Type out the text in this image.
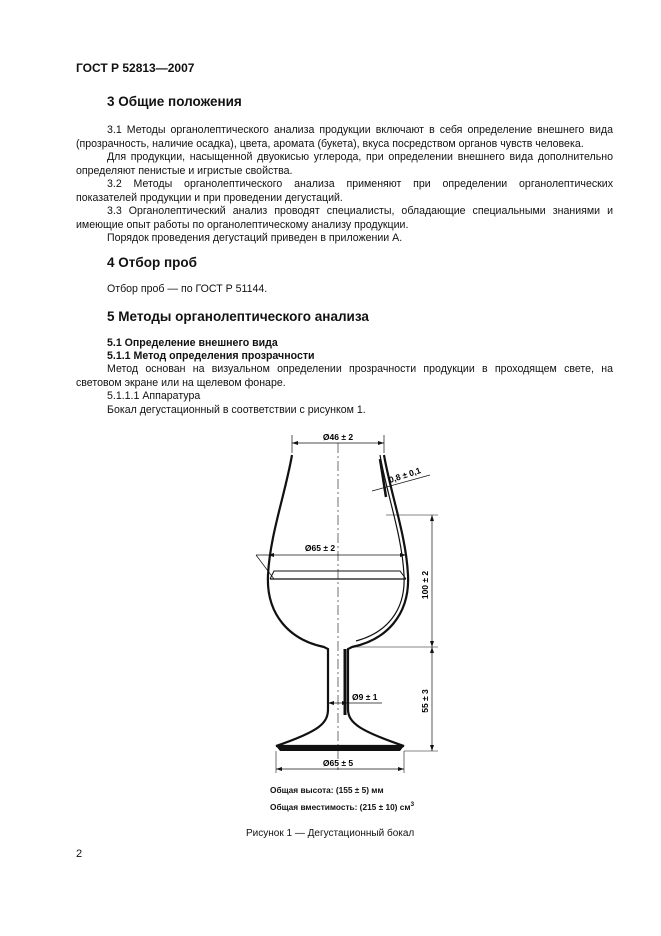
ГОСТ Р 52813—2007
3 Общие положения

3.1 Методы органолептического анализа продукции включают в себя определение внешнего вида (прозрачность, наличие осадка), цвета, аромата (букета), вкуса посредством органов чувств человека.

Для продукции, насыщенной двуокисью углерода, при определении внешнего вида дополнительно определяют пенистые и игристые свойства.

3.2 Методы органолептического анализа применяют при определении органолептических показателей продукции и при проведении дегустаций.

3.3 Органолептический анализ проводят специалисты, обладающие специальными знаниями и имеющие опыт работы по органолептическому анализу продукции.

Порядок проведения дегустаций приведен в приложении А.

4 Отбор проб

Отбор проб — по ГОСТ Р 51144.

5 Методы органолептического анализа
5.1 Определение внешнего вида
5.1.1 Метод определения прозрачности

Метод основан на визуальном определении прозрачности продукции в проходящем свете, на световом экране или на щелевом фонаре.

5.1.1.1 Аппаратура

Бокал дегустационный в соответствии с рисунком 1.

Ø46 ± 2
0,8 ± 0,1
Ø65 ± 2
100 ± 2
55 ± 3
Ø9 ± 1
Ø65 ± 5
Общая высота: (155 ± 5) мм
Общая вместимость: (215 ± 10) $см^3$
Рисунок 1 — Дегустационный бокал
2
